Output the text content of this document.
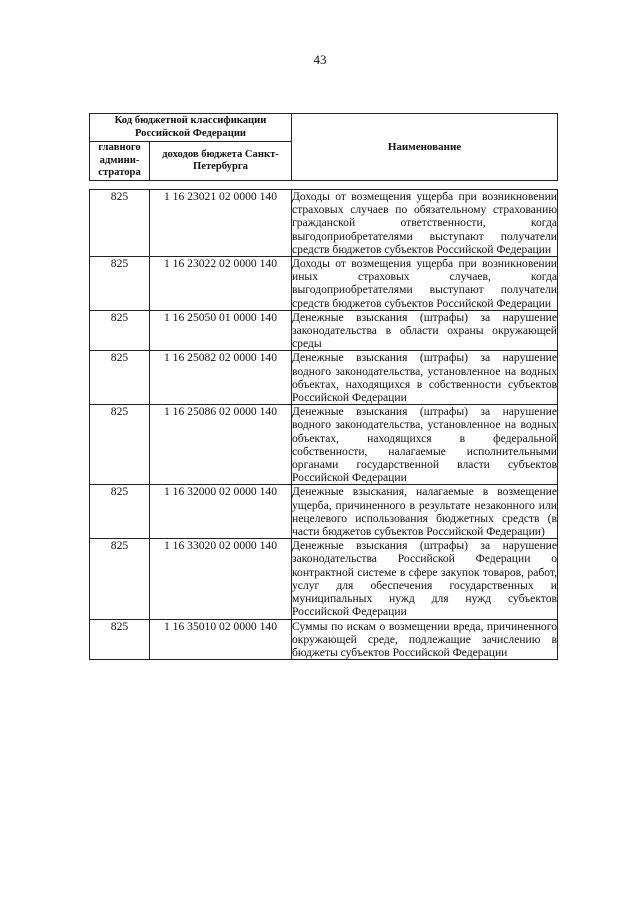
43
Код бюджетной классификации Российской Федерации		Наименование
главного админи-стратора	доходов бюджета Санкт-Петербурга	

825	1 16 23021 02 0000 140	Доходы от возмещения ущерба при возникновении страховых случаев по обязательному страхованию гражданской ответственности, когда выгодоприобретателями выступают получатели средств бюджетов субъектов Российской Федерации
825	1 16 23022 02 0000 140	Доходы от возмещения ущерба при возникновении иных страховых случаев, когда выгодоприобретателями выступают получатели средств бюджетов субъектов Российской Федерации
825	1 16 25050 01 0000 140	Денежные взыскания (штрафы) за нарушение законодательства в области охраны окружающей среды
825	1 16 25082 02 0000 140	Денежные взыскания (штрафы) за нарушение водного законодательства, установленное на водных объектах, находящихся в собственности субъектов Российской Федерации
825	1 16 25086 02 0000 140	Денежные взыскания (штрафы) за нарушение водного законодательства, установленное на водных объектах, находящихся в федеральной собственности, налагаемые исполнительными органами государственной власти субъектов Российской Федерации
825	1 16 32000 02 0000 140	Денежные взыскания, налагаемые в возмещение ущерба, причиненного в результате незаконного или нецелевого использования бюджетных средств (в части бюджетов субъектов Российской Федерации)
825	1 16 33020 02 0000 140	Денежные взыскания (штрафы) за нарушение законодательства Российской Федерации о контрактной системе в сфере закупок товаров, работ, услуг для обеспечения государственных и муниципальных нужд для нужд субъектов Российской Федерации
825	1 16 35010 02 0000 140	Суммы по искам о возмещении вреда, причиненного окружающей среде, подлежащие зачислению в бюджеты субъектов Российской Федерации
